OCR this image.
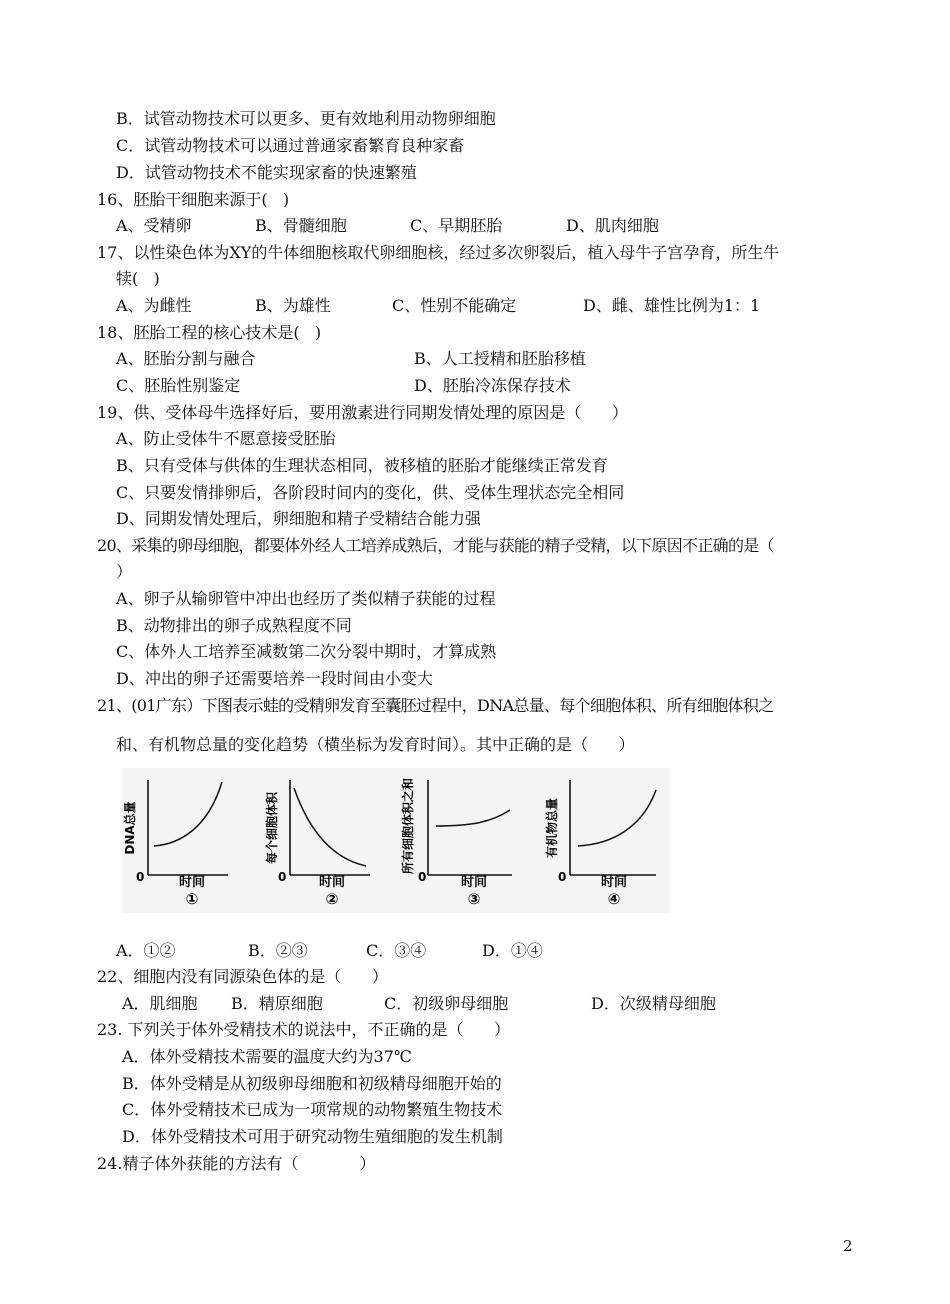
B．试管动物技术可以更多、更有效地利用动物卵细胞
C．试管动物技术可以通过普通家畜繁育良种家畜
D．试管动物技术不能实现家畜的快速繁殖
16、胚胎干细胞来源于(   )
A、受精卵	B、骨髓细胞	C、早期胚胎	D、肌肉细胞
17、以性染色体为XY的牛体细胞核取代卵细胞核，经过多次卵裂后，植入母牛子宫孕育，所生牛
犊(   )
A、为雌性	B、为雄性	C、性别不能确定	D、雌、雄性比例为1：1
18、胚胎工程的核心技术是(   )
A、胚胎分割与融合	B、人工授精和胚胎移植
C、胚胎性别鉴定	D、胚胎冷冻保存技术
19、供、受体母牛选择好后，要用激素进行同期发情处理的原因是（      ）
A、防止受体牛不愿意接受胚胎
B、只有受体与供体的生理状态相同，被移植的胚胎才能继续正常发育
C、只要发情排卵后，各阶段时间内的变化，供、受体生理状态完全相同
D、同期发情处理后，卵细胞和精子受精结合能力强
20、采集的卵母细胞，都要体外经人工培养成熟后，才能与获能的精子受精，以下原因不正确的是（
）
A、卵子从输卵管中冲出也经历了类似精子获能的过程
B、动物排出的卵子成熟程度不同
C、体外人工培养至减数第二次分裂中期时，才算成熟
D、冲出的卵子还需要培养一段时间由小变大
21、(01广东）下图表示蛙的受精卵发育至囊胚过程中，DNA总量、每个细胞体积、所有细胞体积之
和、有机物总量的变化趋势（横坐标为发育时间）。其中正确的是（      ）
DNA总量
0	时间
①
每个细胞体积
0	时间
②
所有细胞体积之和
0	时间
③
有机物总量
0	时间
④
A．①②	B．②③	C．③④	D．①④
22、细胞内没有同源染色体的是（      ）
A．肌细胞 B．精原细胞	C．初级卵母细胞	D．次级精母细胞
23. 下列关于体外受精技术的说法中，不正确的是（      ）
A．体外受精技术需要的温度大约为37℃
B．体外受精是从初级卵母细胞和初级精母细胞开始的
C．体外受精技术已成为一项常规的动物繁殖生物技术
D．体外受精技术可用于研究动物生殖细胞的发生机制
24.精子体外获能的方法有（            ）
2
